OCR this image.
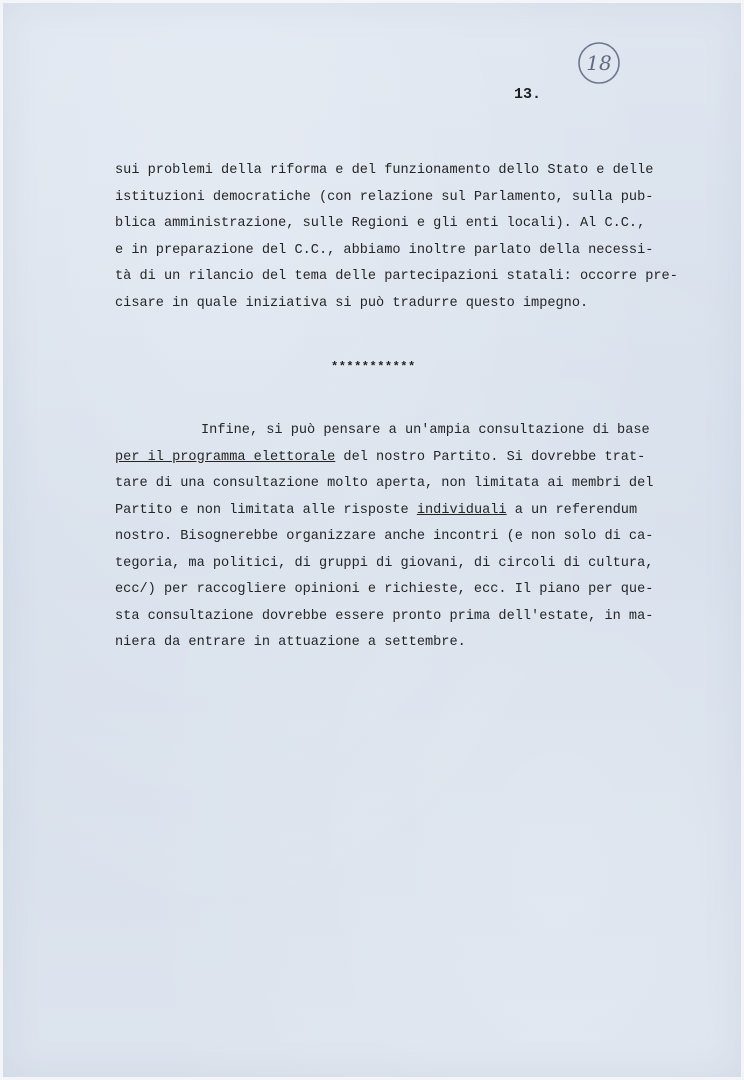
18
13.
sui problemi della riforma e del funzionamento dello Stato e delle
istituzioni democratiche (con relazione sul Parlamento, sulla pub-
blica amministrazione, sulle Regioni e gli enti locali). Al C.C.,
e in preparazione del C.C., abbiamo inoltre parlato della necessi-
tà di un rilancio del tema delle partecipazioni statali: occorre pre-
cisare in quale iniziativa si può tradurre questo impegno.
***********
Infine, si può pensare a un'ampia consultazione di base
per il programma elettorale del nostro Partito. Si dovrebbe trat-
tare di una consultazione molto aperta, non limitata ai membri del
Partito e non limitata alle risposte individuali a un referendum
nostro. Bisognerebbe organizzare anche incontri (e non solo di ca-
tegoria, ma politici, di gruppi di giovani, di circoli di cultura,
ecc/) per raccogliere opinioni e richieste, ecc. Il piano per que-
sta consultazione dovrebbe essere pronto prima dell'estate, in ma-
niera da entrare in attuazione a settembre.
